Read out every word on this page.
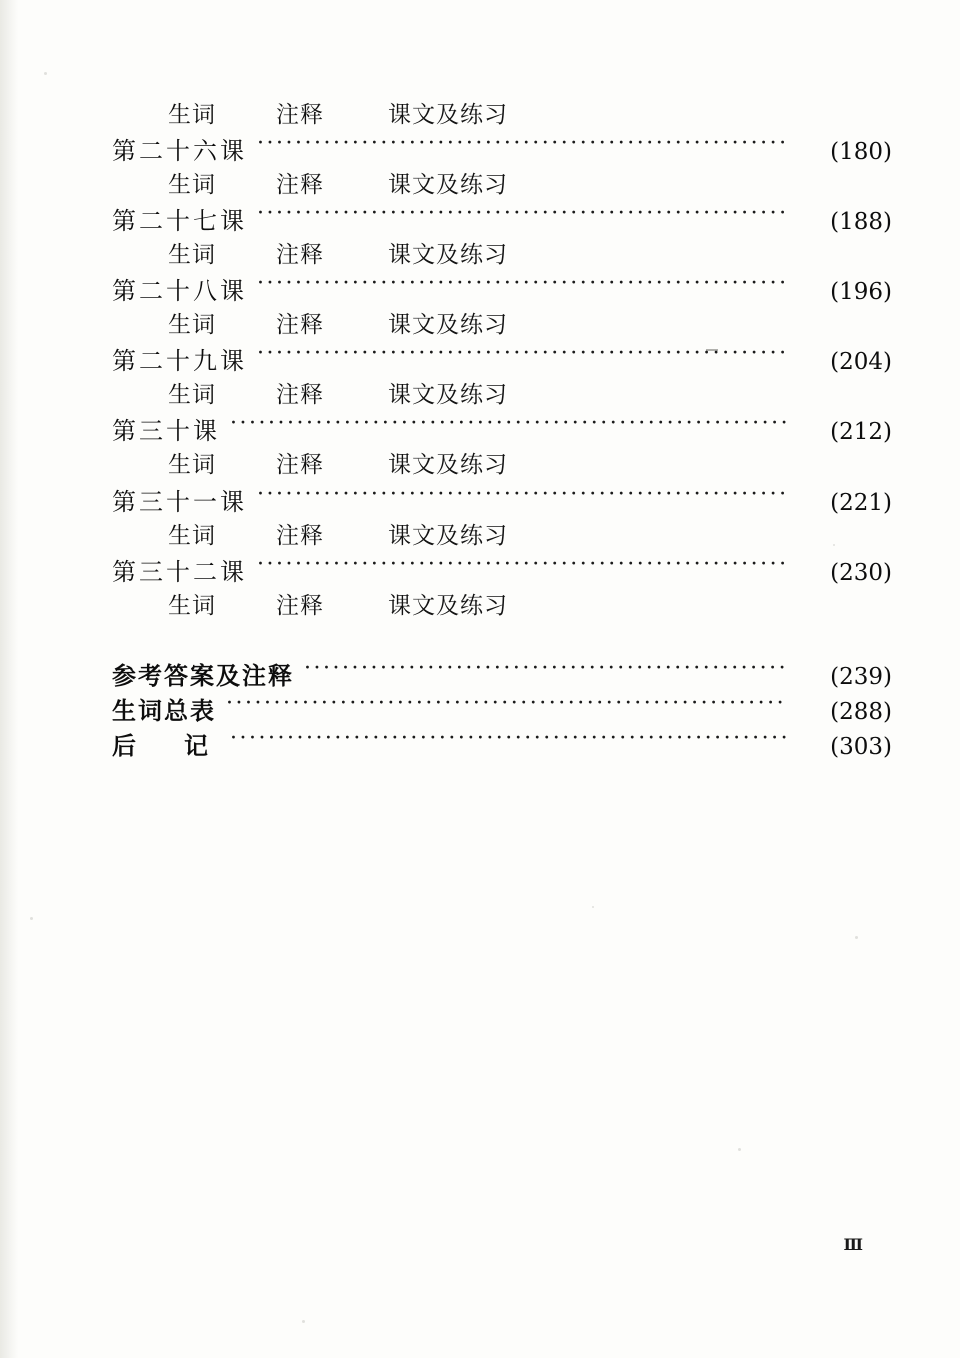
生词	注释	课文及练习
第二十六课 ·····	(180)
生词	注释	课文及练习
第二十七课 ·····	(188)
生词	注释	课文及练习
第二十八课 ·····	(196)
生词	注释	课文及练习
第二十九课 ·····	(204)
生词	注释	课文及练习
第三十课 ·····	(212)
生词	注释	课文及练习
第三十一课 ·····	(221)
生词	注释	课文及练习
第三十二课 ·····	(230)
生词	注释	课文及练习
参考答案及注释 ·····	(239)
生词总表 ·····	(288)
后　记 ·····	(303)
Ⅲ
